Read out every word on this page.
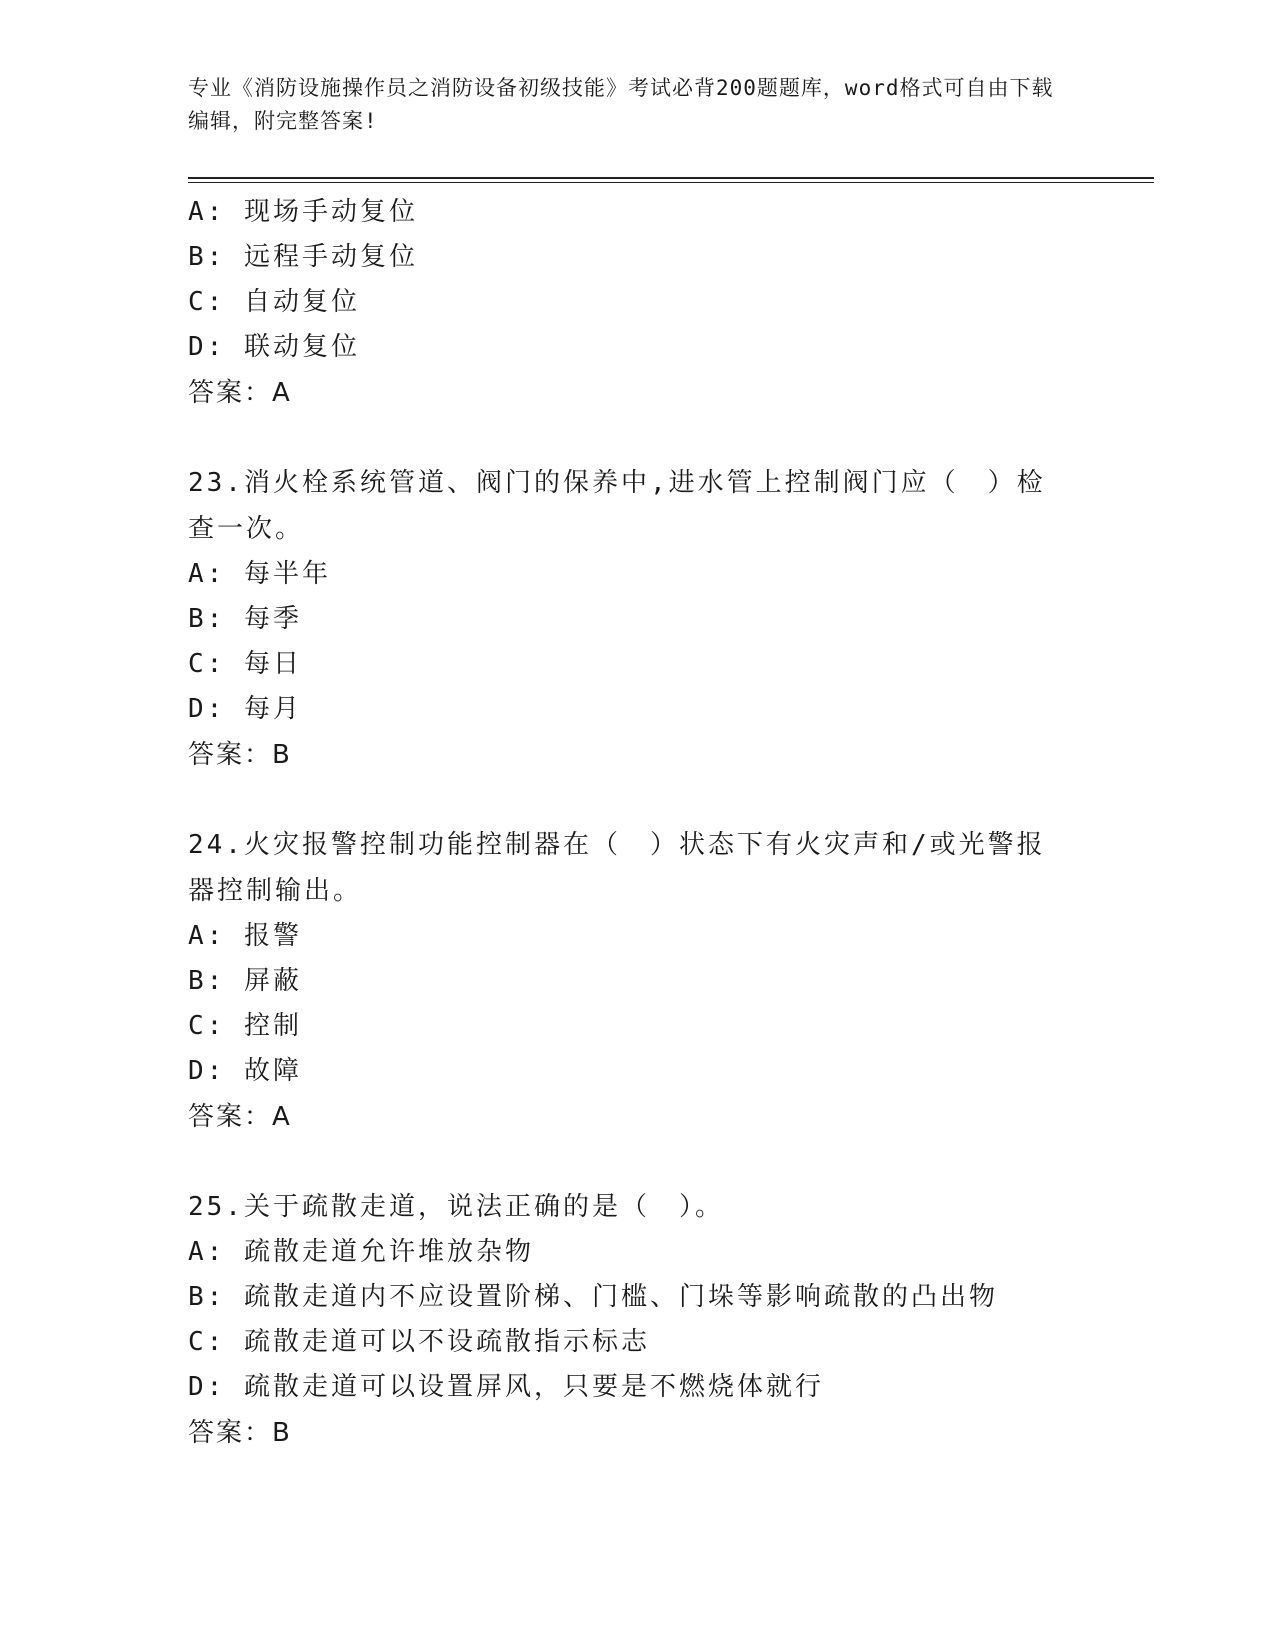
专业《消防设施操作员之消防设备初级技能》考试必背200题题库，word格式可自由下载编辑，附完整答案!
A: 现场手动复位
B: 远程手动复位
C: 自动复位
D: 联动复位
答案：A
23.消火栓系统管道、阀门的保养中,进水管上控制阀门应（　）检查一次。
A: 每半年
B: 每季
C: 每日
D: 每月
答案：B
24.火灾报警控制功能控制器在（　）状态下有火灾声和/或光警报器控制输出。
A: 报警
B: 屏蔽
C: 控制
D: 故障
答案：A
25.关于疏散走道，说法正确的是（　）。
A: 疏散走道允许堆放杂物
B: 疏散走道内不应设置阶梯、门槛、门垛等影响疏散的凸出物
C: 疏散走道可以不设疏散指示标志
D: 疏散走道可以设置屏风，只要是不燃烧体就行
答案：B
